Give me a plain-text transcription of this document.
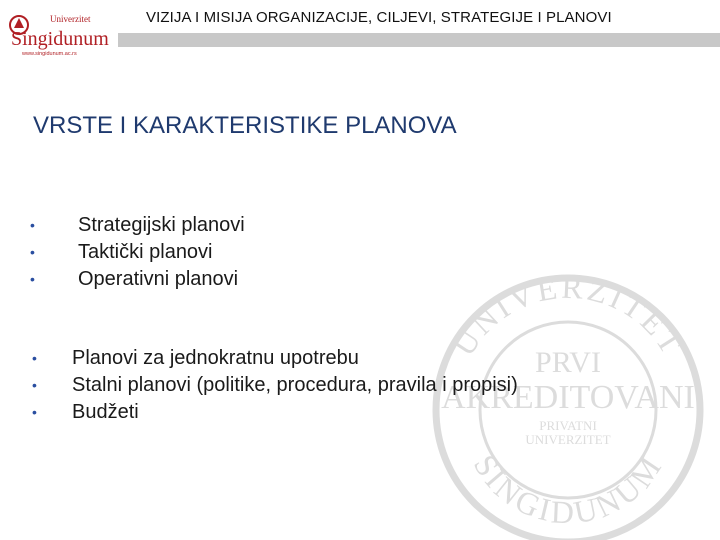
Univerzitet
Singidunum
www.singidunum.ac.rs
VIZIJA I MISIJA ORGANIZACIJE, CILJEVI, STRATEGIJE I PLANOVI
UNIVERZITET
SINGIDUNUM
PRVI
AKREDITOVANI
PRIVATNI
UNIVERZITET
VRSTE I KARAKTERISTIKE PLANOVA
• Strategijski planovi
• Taktički planovi
• Operativni planovi
• Planovi za jednokratnu upotrebu
• Stalni planovi (politike, procedura, pravila i propisi)
• Budžeti
